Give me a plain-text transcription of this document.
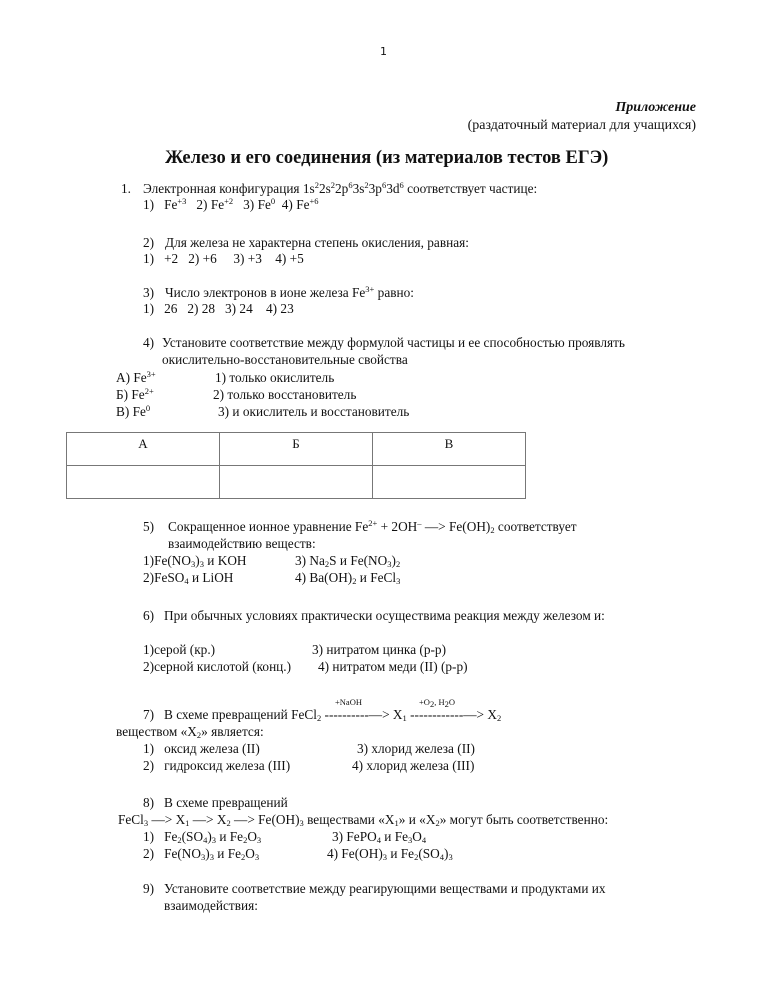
1
Приложение
(раздаточный материал для учащихся)
Железо и его соединения (из материалов тестов ЕГЭ)
1. Электронная конфигурация $1s^22s^22p^63s^23p^63d^6$ соответствует частице:
1) $Fe^{+3}$ 2) $Fe^{+2}$ 3) Fe$^0$ 4) $Fe^{+6}$
2) Для железа не характерна степень окисления, равная:
1) +2 2) +6 3) +3 4) +5
3) Число электронов в ионе железа $Fe^{3+}$ равно:
1) 26 2) 28 3) 24 4) 23
4) Установите соответствие между формулой частицы и ее способностью проявлять
окислительно-восстановительные свойства
А) $Fe^{3+}$
Б) $Fe^{2+}$
В) Fe$^0$
1) только окислитель
2) только восстановитель
3) и окислитель и восстановитель
А	Б	В

5) Сокращенное ионное уравнение $Fe^{2+} + 2OH^-$ —> $Fe(OH)_2$ соответствует
взаимодействию веществ:
$1)Fe(NO_3)_3$ и KOH
2)FeSO$_4$ и LiOH
3) $Na_2S$ и $Fe(NO_3)_2$
4) $Ba(OH)_2$ и FeCl$_3$
6) При обычных условиях практически осуществима реакция между железом и:
1)серой (кр.)
2)серной кислотой (конц.)
3) нитратом цинка (р-р)
4) нитратом меди (II) (р-р)
+NaOH	$+O_2$, $H_2O$
7) В схеме превращений FeCl$_2$ ----------—> $X_1$ ------------—> $X_2$
веществом «$X_2$» является:
1) оксид железа (II)
2) гидроксид железа (III)
3) хлорид железа (II)
4) хлорид железа (III)
8) В схеме превращений
FeCl$_3$ —> $X_1$ —> $X_2$ —> $Fe(OH)_3$ веществами «$X_1$» и «$X_2$» могут быть соответственно:
1) $Fe_2(SO_4)_3$ и $Fe_2O_3$
2) $Fe(NO_3)_3$ и $Fe_2O_3$
3) FePO$_4$ и $Fe_3O_4$
4) $Fe(OH)_3$ и $Fe_2(SO_4)_3$
9) Установите соответствие между реагирующими веществами и продуктами их
взаимодействия:
